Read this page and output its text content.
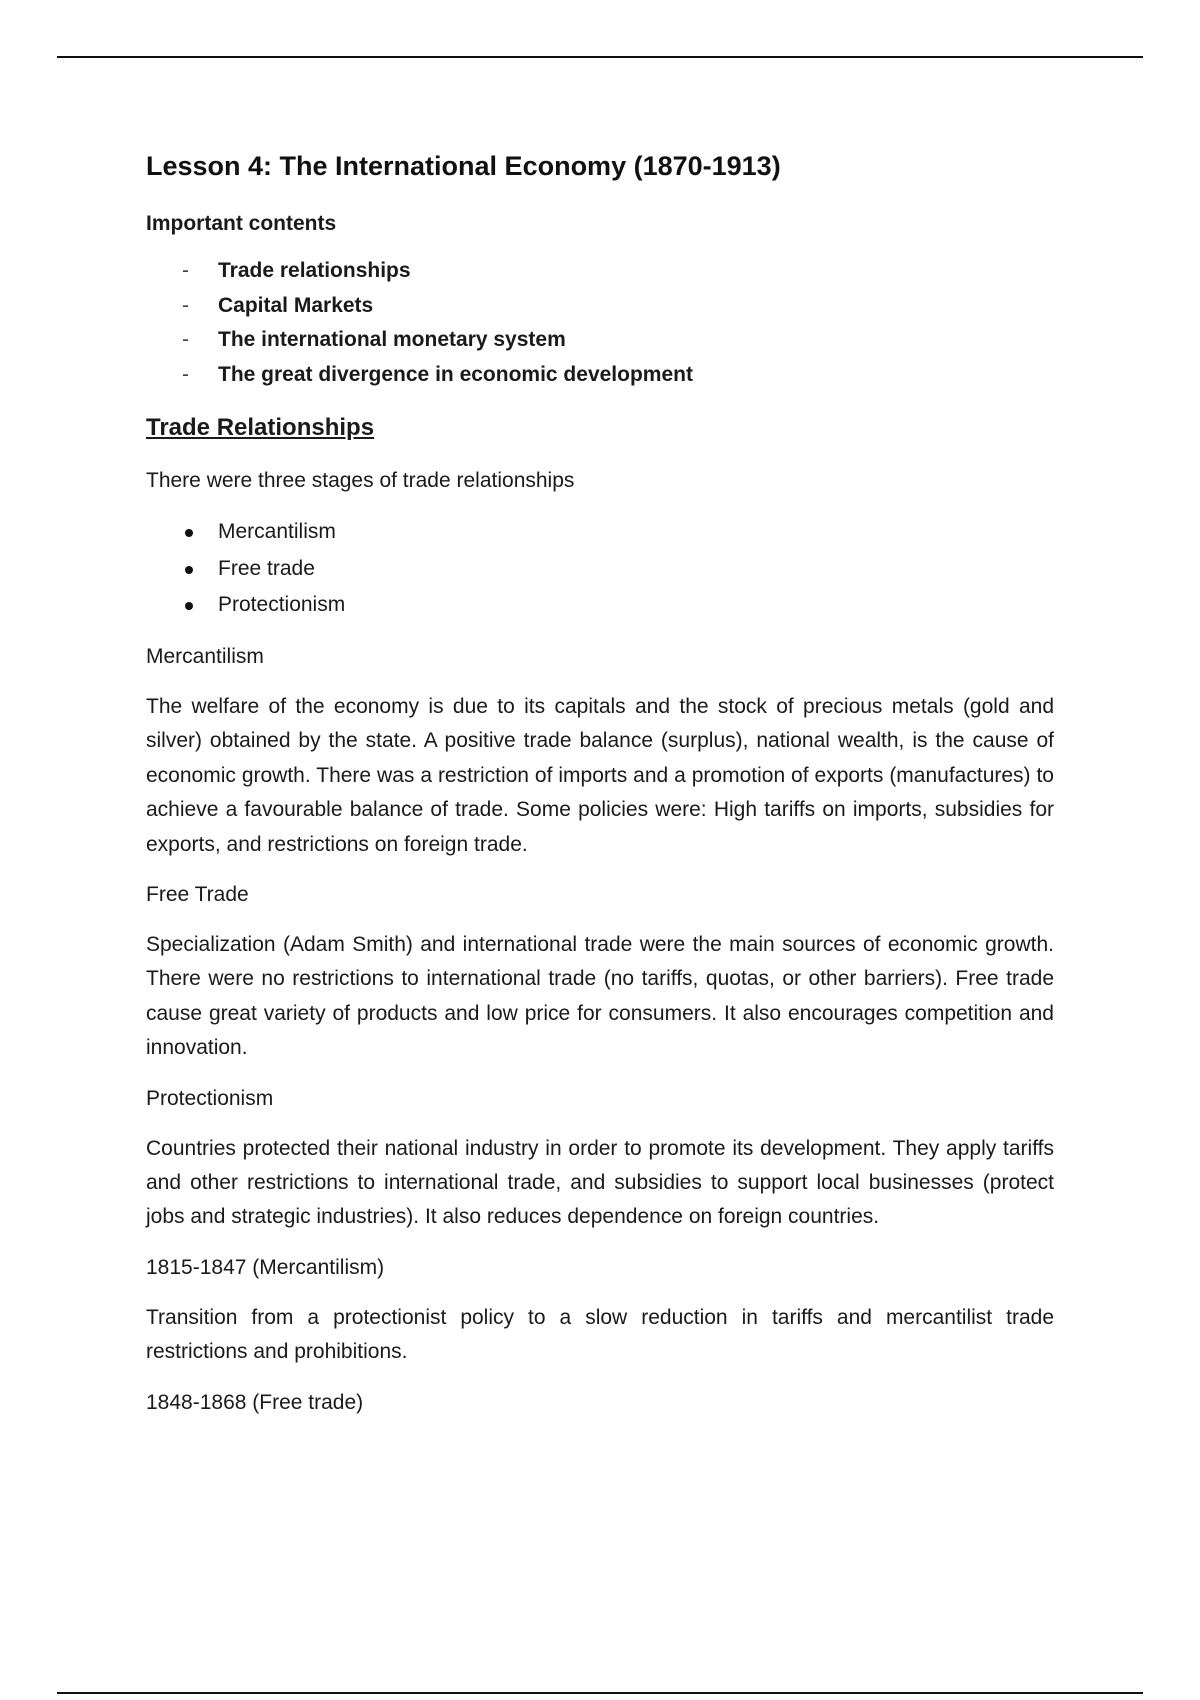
Lesson 4: The International Economy (1870-1913)
Important contents
- Trade relationships
- Capital Markets
- The international monetary system
- The great divergence in economic development
Trade Relationships

There were three stages of trade relationships

Mercantilism
Free trade
Protectionism
Mercantilism

The welfare of the economy is due to its capitals and the stock of precious metals (gold and silver) obtained by the state. A positive trade balance (surplus), national wealth, is the cause of economic growth. There was a restriction of imports and a promotion of exports (manufactures) to achieve a favourable balance of trade. Some policies were: High tariffs on imports, subsidies for exports, and restrictions on foreign trade.

Free Trade

Specialization (Adam Smith) and international trade were the main sources of economic growth. There were no restrictions to international trade (no tariffs, quotas, or other barriers). Free trade cause great variety of products and low price for consumers. It also encourages competition and innovation.

Protectionism

Countries protected their national industry in order to promote its development. They apply tariffs and other restrictions to international trade, and subsidies to support local businesses (protect jobs and strategic industries). It also reduces dependence on foreign countries.

1815-1847 (Mercantilism)

Transition from a protectionist policy to a slow reduction in tariffs and mercantilist trade restrictions and prohibitions.

1848-1868 (Free trade)
